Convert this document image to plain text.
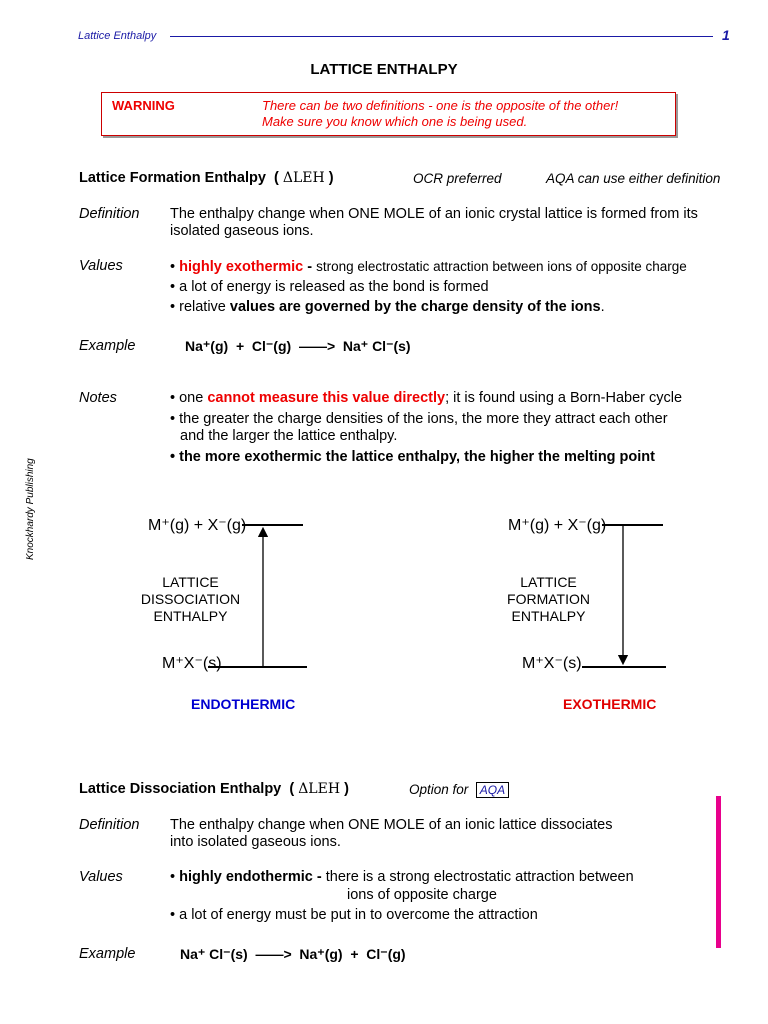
Lattice Enthalpy	1
LATTICE ENTHALPY
WARNING	There can be two definitions - one is the opposite of the other!
Make sure you know which one is being used.
Lattice Formation Enthalpy ( ΔLEH )	OCR preferred	AQA can use either definition
Definition The enthalpy change when ONE MOLE of an ionic crystal lattice is formed from its
isolated gaseous ions.
Values	• highly exothermic - strong electrostatic attraction between ions of opposite charge
• a lot of energy is released as the bond is formed
• relative values are governed by the charge density of the ions.
Example	Na⁺(g)  +  Cl⁻(g)  ——>  Na⁺ Cl⁻(s)
Notes	• one cannot measure this value directly; it is found using a Born-Haber cycle
• the greater the charge densities of the ions, the more they attract each other
and the larger the lattice enthalpy.
• the more exothermic the lattice enthalpy, the higher the melting point
Knockhardy Publishing	M⁺(g) + X⁻(g)
LATTICE
DISSOCIATION
ENTHALPY
M⁺X⁻(s)
ENDOTHERMIC
M⁺(g) + X⁻(g)
LATTICE
FORMATION
ENTHALPY
M⁺X⁻(s)
EXOTHERMIC
Lattice Dissociation Enthalpy ( ΔLEH )	Option for AQA
Definition The enthalpy change when ONE MOLE of an ionic lattice dissociates
into isolated gaseous ions.
Values	• highly endothermic - there is a strong electrostatic attraction between
ions of opposite charge
• a lot of energy must be put in to overcome the attraction
Example	Na⁺ Cl⁻(s)  ——>  Na⁺(g)  +  Cl⁻(g)
